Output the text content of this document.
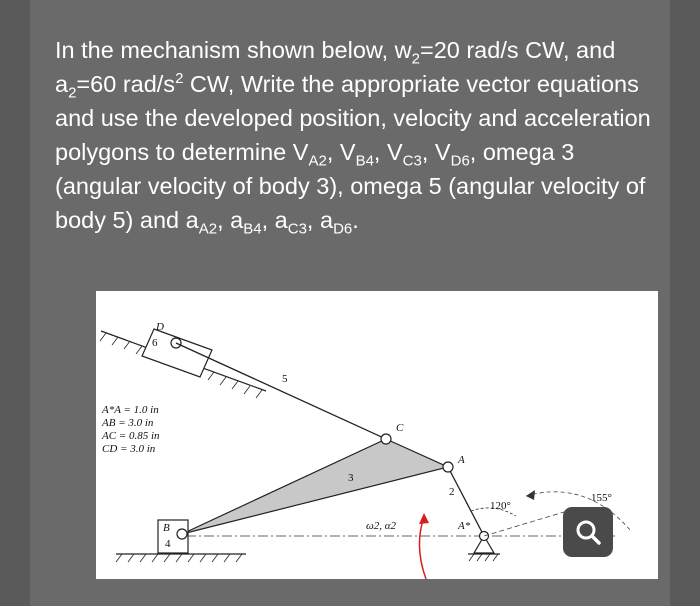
In the mechanism shown below, $w_2=20$ rad/s CW, and $a_2=60$ rad/$s^2$ CW, Write the appropriate vector equations and use the developed position, velocity and acceleration polygons to determine $V_{A2}$, $V_{B4}$, $V_{C3}$, $V_{D6}$, omega 3 (angular velocity of body 3), omega 5 (angular velocity of body 5) and $a_{A2}$, $a_{B4}$, $a_{C3}$, $a_{D6}$.

D
6
5
A*A = 1.0 in
AB = 3.0 in
AC = 0.85 in
CD = 3.0 in
3
C
A
2
B
4
A*
ω2, α2
120°
155°
